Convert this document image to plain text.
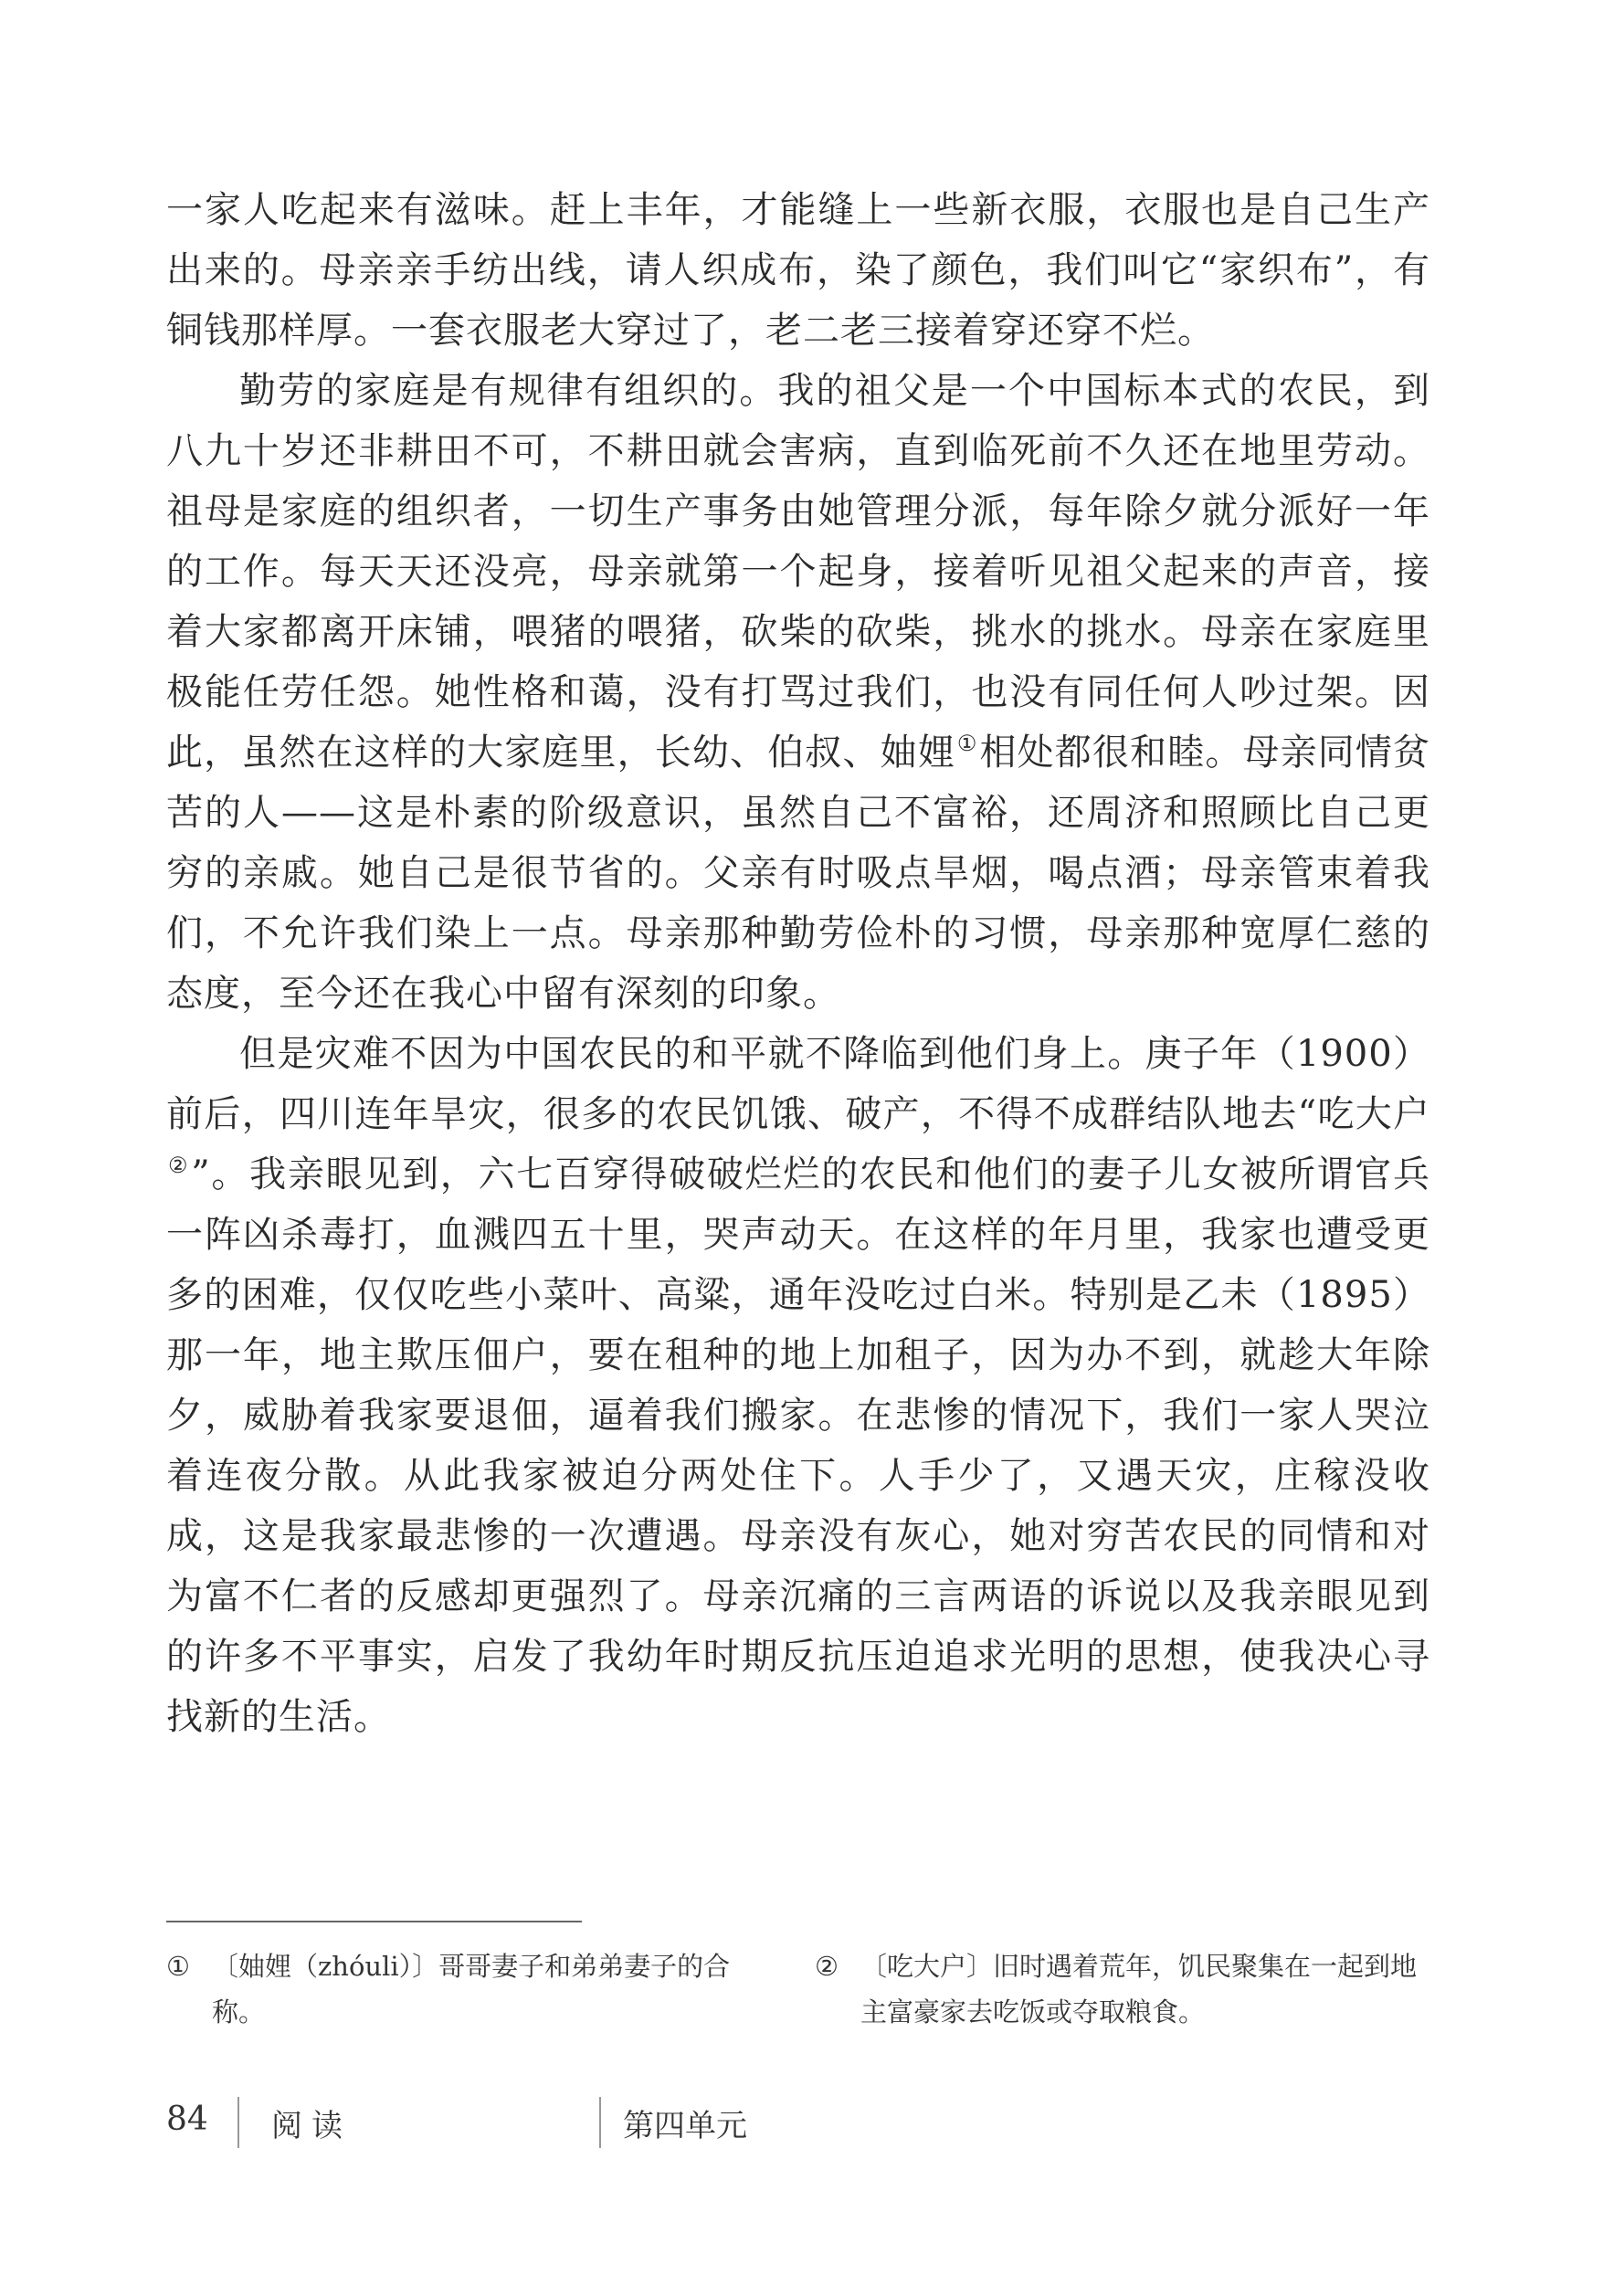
一家人吃起来有滋味。赶上丰年，才能缝上一些新衣服，衣服也是自己生产出来的。母亲亲手纺出线，请人织成布，染了颜色，我们叫它“家织布”，有铜钱那样厚。一套衣服老大穿过了，老二老三接着穿还穿不烂。

勤劳的家庭是有规律有组织的。我的祖父是一个中国标本式的农民，到八九十岁还非耕田不可，不耕田就会害病，直到临死前不久还在地里劳动。祖母是家庭的组织者，一切生产事务由她管理分派，每年除夕就分派好一年的工作。每天天还没亮，母亲就第一个起身，接着听见祖父起来的声音，接着大家都离开床铺，喂猪的喂猪，砍柴的砍柴，挑水的挑水。母亲在家庭里极能任劳任怨。她性格和蔼，没有打骂过我们，也没有同任何人吵过架。因此，虽然在这样的大家庭里，长幼、伯叔、妯娌①相处都很和睦。母亲同情贫苦的人——这是朴素的阶级意识，虽然自己不富裕，还周济和照顾比自己更穷的亲戚。她自己是很节省的。父亲有时吸点旱烟，喝点酒；母亲管束着我们，不允许我们染上一点。母亲那种勤劳俭朴的习惯，母亲那种宽厚仁慈的态度，至今还在我心中留有深刻的印象。

但是灾难不因为中国农民的和平就不降临到他们身上。庚子年（1900）前后，四川连年旱灾，很多的农民饥饿、破产，不得不成群结队地去“吃大户②”。我亲眼见到，六七百穿得破破烂烂的农民和他们的妻子儿女被所谓官兵一阵凶杀毒打，血溅四五十里，哭声动天。在这样的年月里，我家也遭受更多的困难，仅仅吃些小菜叶、高粱，通年没吃过白米。特别是乙未（1895）那一年，地主欺压佃户，要在租种的地上加租子，因为办不到，就趁大年除夕，威胁着我家要退佃，逼着我们搬家。在悲惨的情况下，我们一家人哭泣着连夜分散。从此我家被迫分两处住下。人手少了，又遇天灾，庄稼没收成，这是我家最悲惨的一次遭遇。母亲没有灰心，她对穷苦农民的同情和对为富不仁者的反感却更强烈了。母亲沉痛的三言两语的诉说以及我亲眼见到的许多不平事实，启发了我幼年时期反抗压迫追求光明的思想，使我决心寻找新的生活。

① 〔妯娌（zhóuli）〕哥哥妻子和弟弟妻子的合称。
② 〔吃大户〕旧时遇着荒年，饥民聚集在一起到地主富豪家去吃饭或夺取粮食。
84 阅读	第四单元
